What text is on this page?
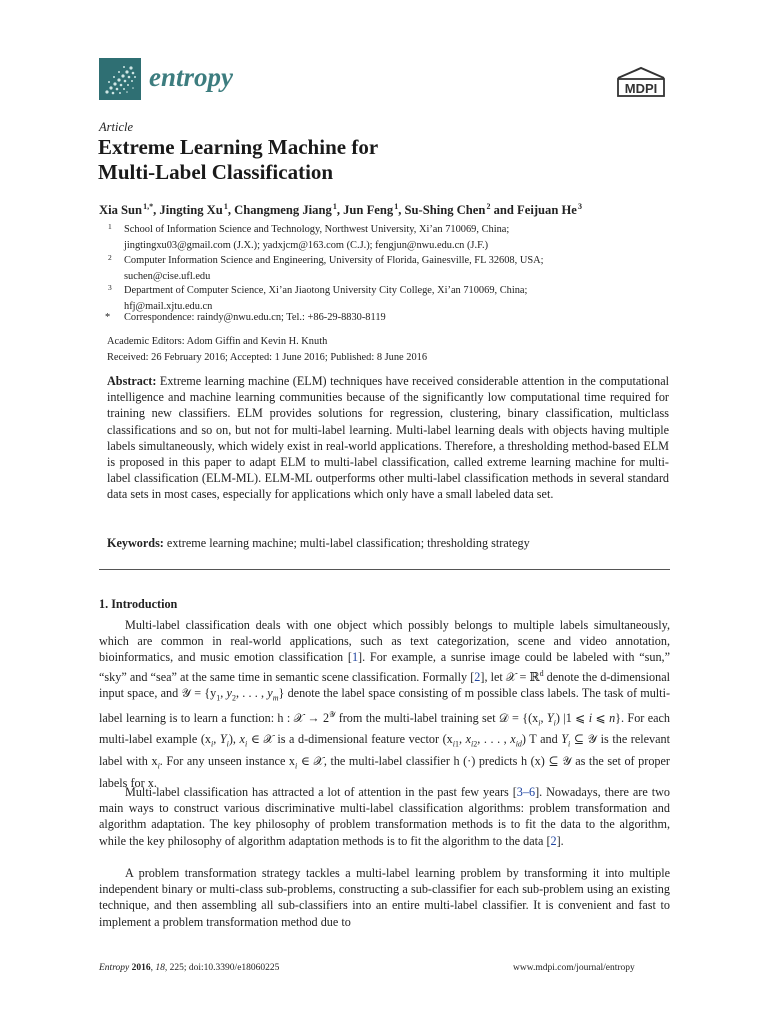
entropy	MDPI
Article
Extreme Learning Machine for
Multi-Label Classification
Xia Sun $^{1,*}$, Jingting Xu $^1$, Changmeng Jiang $^1$, Jun Feng $^1$, Su-Shing Chen $^2$ and Feijuan He $^3$
1 School of Information Science and Technology, Northwest University, Xi’an 710069, China;
jingtingxu03@gmail.com (J.X.); yadxjcm@163.com (C.J.); fengjun@nwu.edu.cn (J.F.)
2 Computer Information Science and Engineering, University of Florida, Gainesville, FL 32608, USA;
suchen@cise.ufl.edu
3 Department of Computer Science, Xi’an Jiaotong University City College, Xi’an 710069, China;
hfj@mail.xjtu.edu.cn
* Correspondence: raindy@nwu.edu.cn; Tel.: +86-29-8830-8119
Academic Editors: Adom Giffin and Kevin H. Knuth
Received: 26 February 2016; Accepted: 1 June 2016; Published: 8 June 2016
Abstract: Extreme learning machine (ELM) techniques have received considerable attention in the computational intelligence and machine learning communities because of the significantly low computational time required for training new classifiers. ELM provides solutions for regression, clustering, binary classification, multiclass classifications and so on, but not for multi-label learning. Multi-label learning deals with objects having multiple labels simultaneously, which widely exist in real-world applications. Therefore, a thresholding method-based ELM is proposed in this paper to adapt ELM to multi-label classification, called extreme learning machine for multi-label classification (ELM-ML). ELM-ML outperforms other multi-label classification methods in several standard data sets in most cases, especially for applications which only have a small labeled data set.
Keywords: extreme learning machine; multi-label classification; thresholding strategy
1. Introduction
Multi-label classification deals with one object which possibly belongs to multiple labels simultaneously, which are common in real-world applications, such as text categorization, scene and video annotation, bioinformatics, and music emotion classification [1]. For example, a sunrise image could be labeled with “sun,” “sky” and “sea” at the same time in semantic scene classification. Formally [2], let 𝒳 = ℝ$^d$ denote the d-dimensional input space, and 𝒴 = {$y_1$, $y_2$, . . . , $y_m$} denote the label space consisting of m possible class labels. The task of multi-label learning is to learn a function: h : 𝒳 → $2^𝒴$ from the multi-label training set 𝒟 = {($x_i$, $Y_i$) |1 ⩽ i ⩽ n}. For each multi-label example ($x_i$, $Y_i$), $x_i$ ∈ 𝒳 is a d-dimensional feature vector ($x_{i1}$, $x_{i2}$, . . . , $x_{id}$) T and $Y_i$ ⊆ 𝒴 is the relevant label with $x_i$. For any unseen instance $x_i$ ∈ 𝒳, the multi-label classifier h (·) predicts h (x) ⊆ 𝒴 as the set of proper labels for x.
Multi-label classification has attracted a lot of attention in the past few years [3–6]. Nowadays, there are two main ways to construct various discriminative multi-label classification algorithms: problem transformation and algorithm adaptation. The key philosophy of problem transformation methods is to fit the data to the algorithm, while the key philosophy of algorithm adaptation methods is to fit the algorithm to the data [2].
A problem transformation strategy tackles a multi-label learning problem by transforming it into multiple independent binary or multi-class sub-problems, constructing a sub-classifier for each sub-problem using an existing technique, and then assembling all sub-classifiers into an entire multi-label classifier. It is convenient and fast to implement a problem transformation method due to
Entropy 2016, 18, 225; doi:10.3390/e18060225	www.mdpi.com/journal/entropy
